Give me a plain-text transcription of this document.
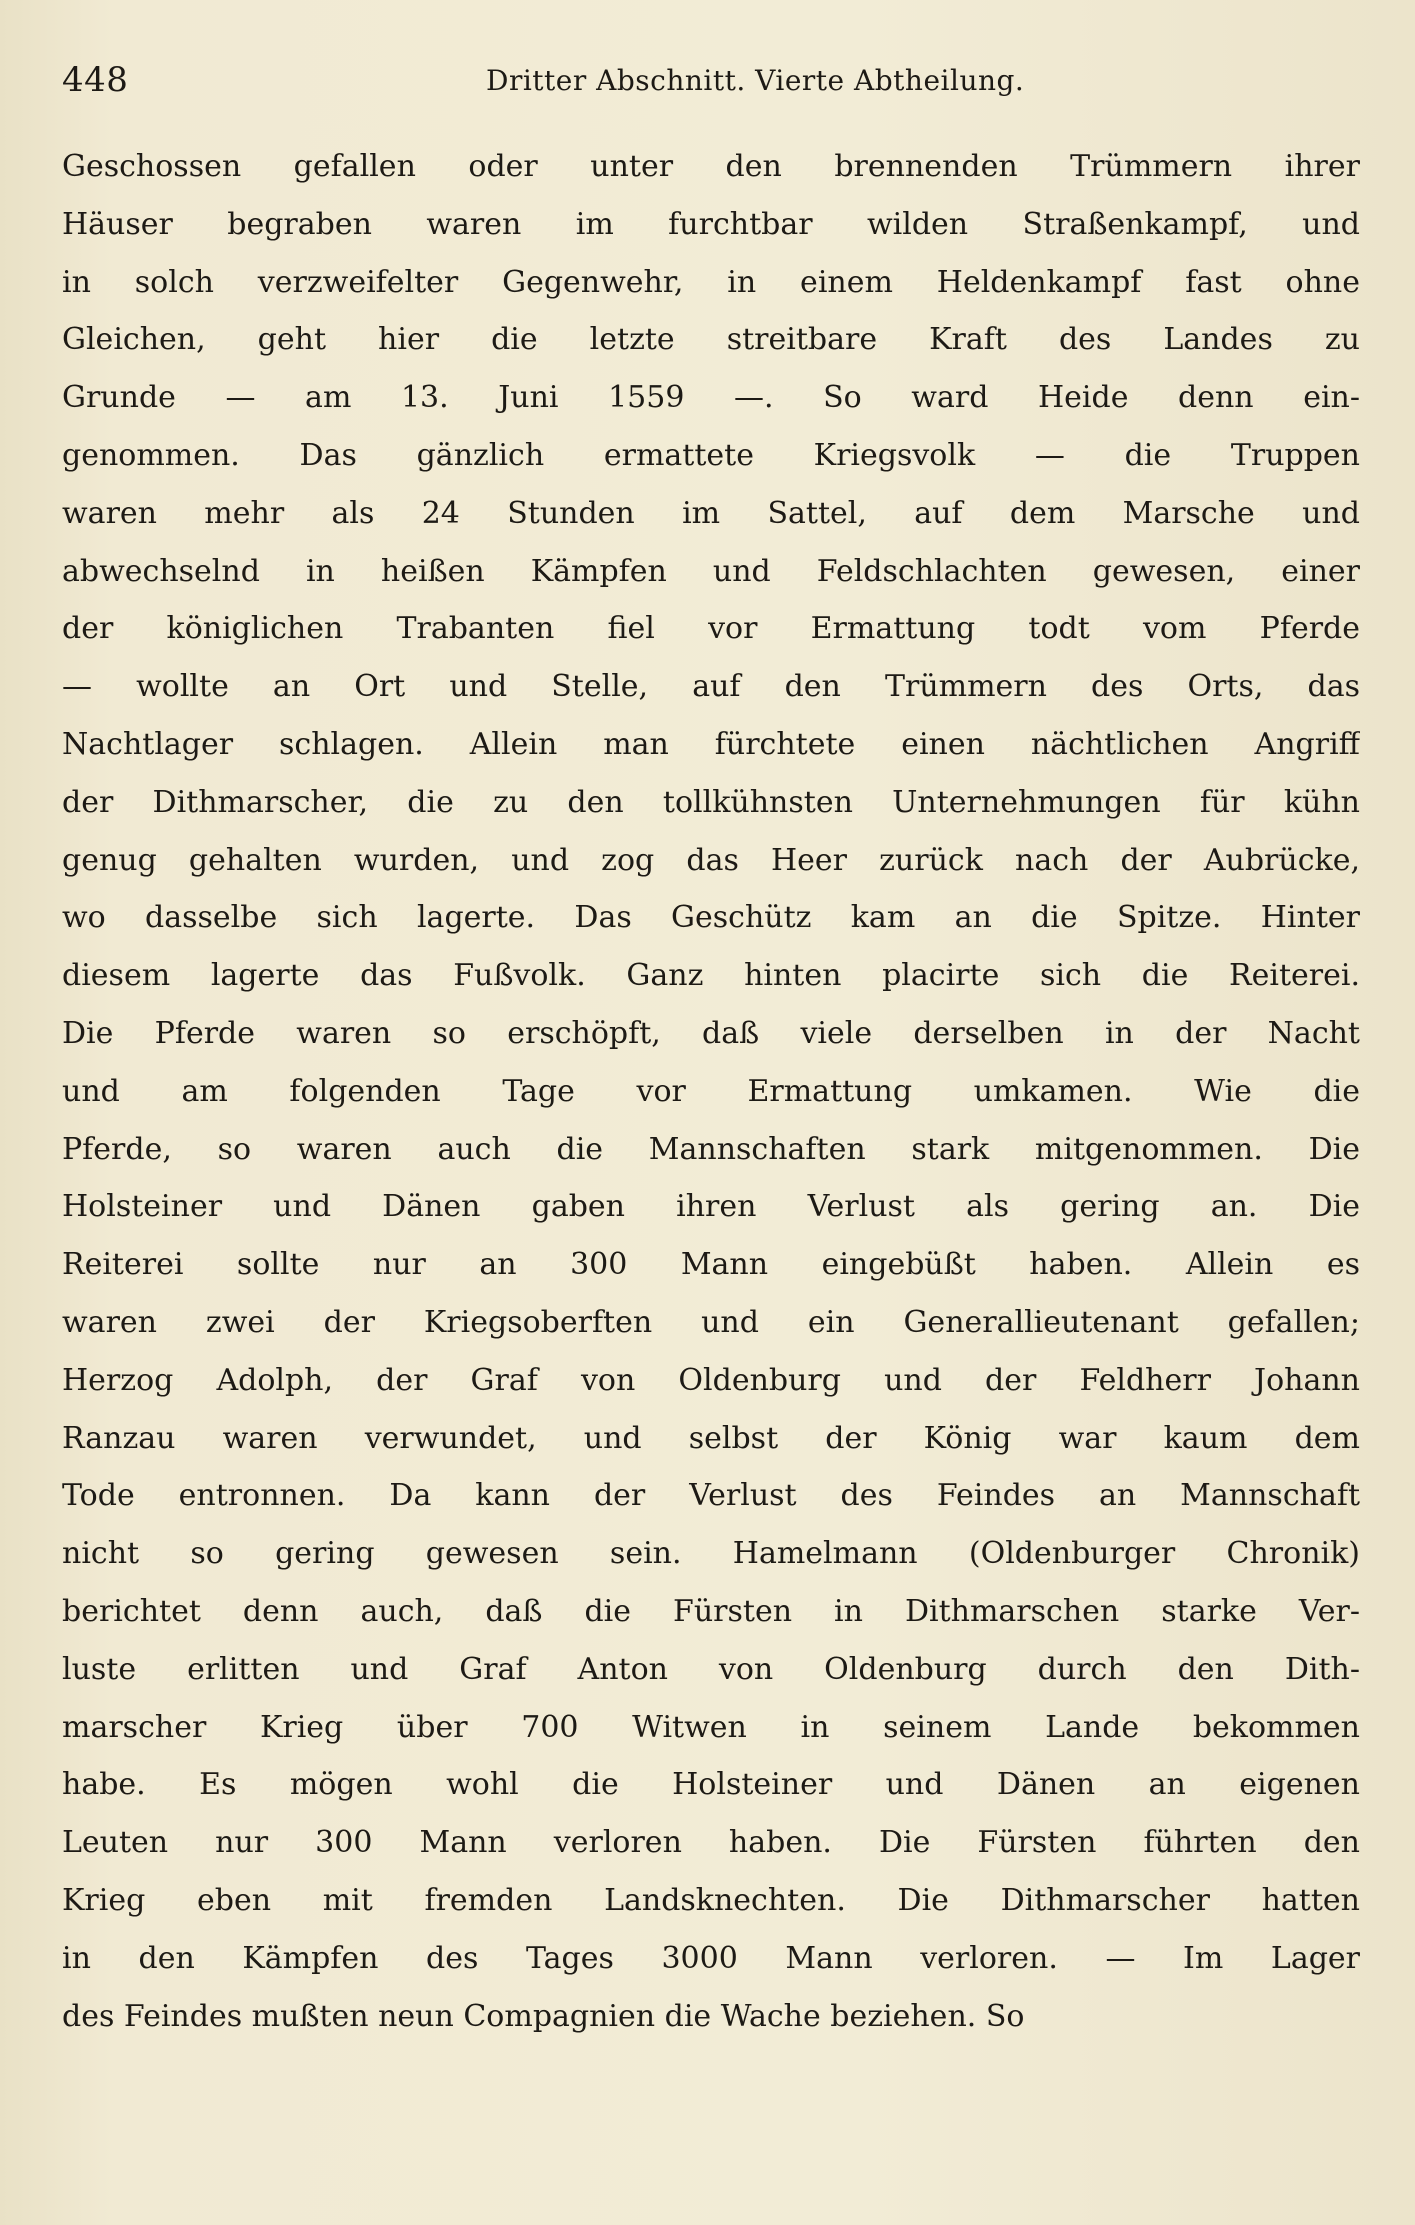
448	Dritter Abschnitt. Vierte Abtheilung.
Geschossen gefallen oder unter den brennenden Trümmern ihrer
Häuser begraben waren im furchtbar wilden Straßenkampf, und
in solch verzweifelter Gegenwehr, in einem Heldenkampf fast ohne
Gleichen, geht hier die letzte streitbare Kraft des Landes zu
Grunde — am 13. Juni 1559 —. So ward Heide denn ein-
genommen. Das gänzlich ermattete Kriegsvolk — die Truppen
waren mehr als 24 Stunden im Sattel, auf dem Marsche und
abwechselnd in heißen Kämpfen und Feldschlachten gewesen, einer
der königlichen Trabanten fiel vor Ermattung todt vom Pferde
— wollte an Ort und Stelle, auf den Trümmern des Orts, das
Nachtlager schlagen. Allein man fürchtete einen nächtlichen Angriff
der Dithmarscher, die zu den tollkühnsten Unternehmungen für kühn
genug gehalten wurden, und zog das Heer zurück nach der Aubrücke,
wo dasselbe sich lagerte. Das Geschütz kam an die Spitze. Hinter
diesem lagerte das Fußvolk. Ganz hinten placirte sich die Reiterei.
Die Pferde waren so erschöpft, daß viele derselben in der Nacht
und am folgenden Tage vor Ermattung umkamen. Wie die
Pferde, so waren auch die Mannschaften stark mitgenommen. Die
Holsteiner und Dänen gaben ihren Verlust als gering an. Die
Reiterei sollte nur an 300 Mann eingebüßt haben. Allein es
waren zwei der Kriegsoberften und ein Generallieutenant gefallen;
Herzog Adolph, der Graf von Oldenburg und der Feldherr Johann
Ranzau waren verwundet, und selbst der König war kaum dem
Tode entronnen. Da kann der Verlust des Feindes an Mannschaft
nicht so gering gewesen sein. Hamelmann (Oldenburger Chronik)
berichtet denn auch, daß die Fürsten in Dithmarschen starke Ver-
luste erlitten und Graf Anton von Oldenburg durch den Dith-
marscher Krieg über 700 Witwen in seinem Lande bekommen
habe. Es mögen wohl die Holsteiner und Dänen an eigenen
Leuten nur 300 Mann verloren haben. Die Fürsten führten den
Krieg eben mit fremden Landsknechten. Die Dithmarscher hatten
in den Kämpfen des Tages 3000 Mann verloren. — Im Lager
des Feindes mußten neun Compagnien die Wache beziehen. So
